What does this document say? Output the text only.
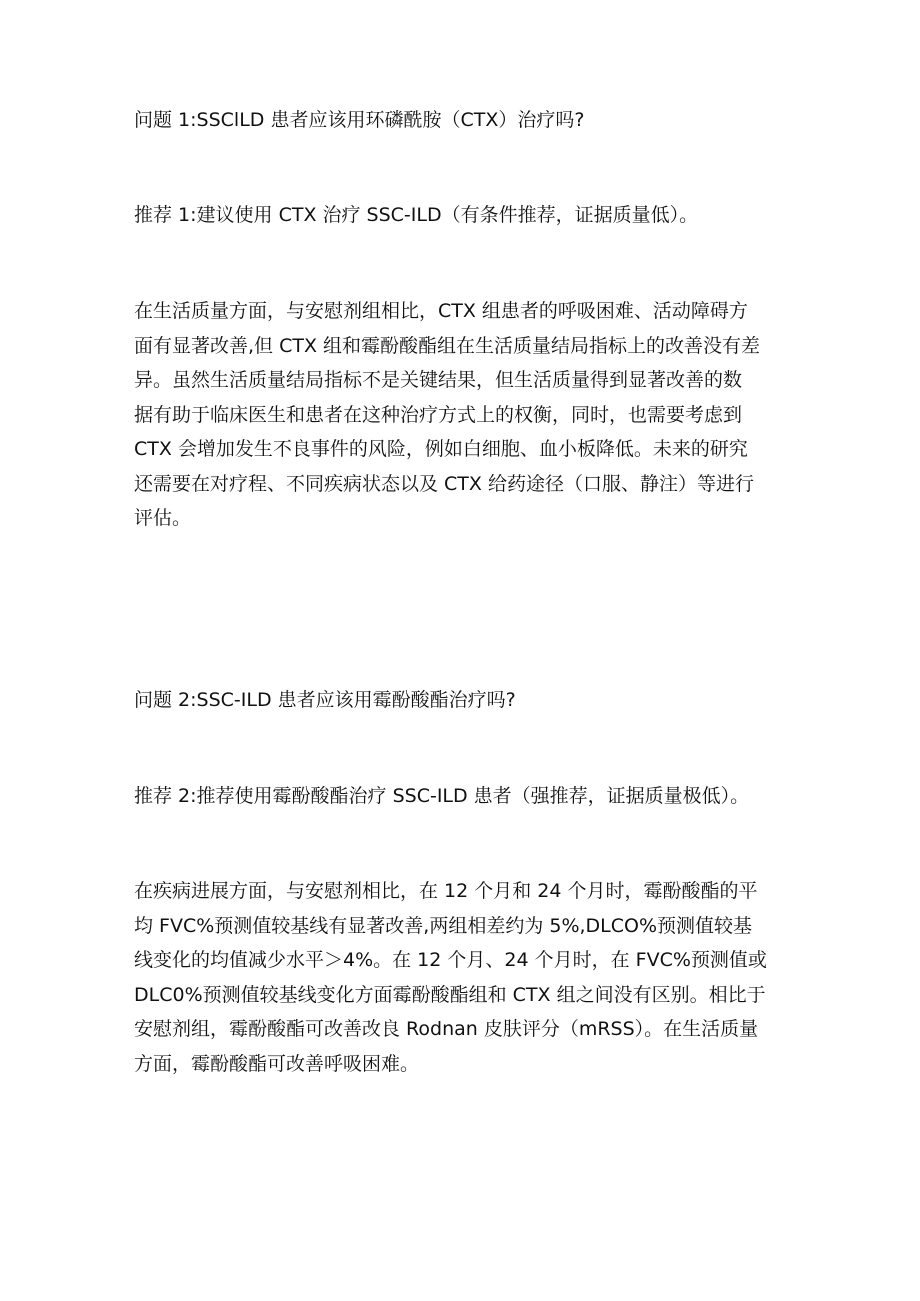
问题 1:SSClLD 患者应该用环磷酰胺（CTX）治疗吗?

推荐 1:建议使用 CTX 治疗 SSC-ILD（有条件推荐，证据质量低）。

在生活质量方面，与安慰剂组相比，CTX 组患者的呼吸困难、活动障碍方
面有显著改善,但 CTX 组和霉酚酸酯组在生活质量结局指标上的改善没有差
异。虽然生活质量结局指标不是关键结果，但生活质量得到显著改善的数
据有助于临床医生和患者在这种治疗方式上的权衡，同时，也需要考虑到
CTX 会增加发生不良事件的风险，例如白细胞、血小板降低。未来的研究
还需要在对疗程、不同疾病状态以及 CTX 给药途径（口服、静注）等进行
评估。

问题 2:SSC-ILD 患者应该用霉酚酸酯治疗吗?

推荐 2:推荐使用霉酚酸酯治疗 SSC-ILD 患者（强推荐，证据质量极低）。

在疾病进展方面，与安慰剂相比，在 12 个月和 24 个月时，霉酚酸酯的平
均 FVC%预测值较基线有显著改善,两组相差约为 5%,DLCO%预测值较基
线变化的均值减少水平＞4%。在 12 个月、24 个月时，在 FVC%预测值或
DLC0%预测值较基线变化方面霉酚酸酯组和 CTX 组之间没有区别。相比于
安慰剂组，霉酚酸酯可改善改良 Rodnan 皮肤评分（mRSS）。在生活质量
方面，霉酚酸酯可改善呼吸困难。
